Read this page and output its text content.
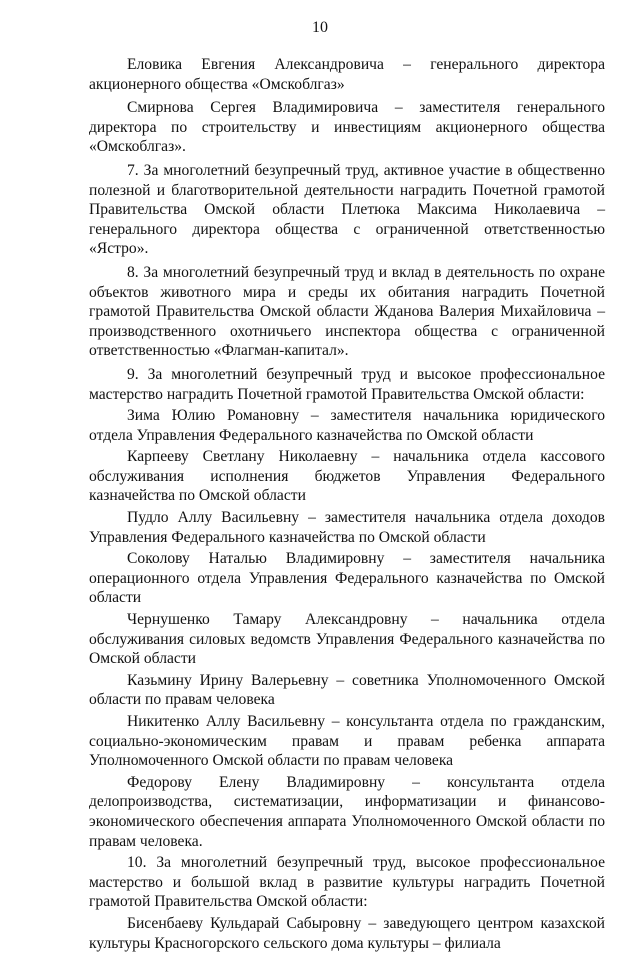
10

Еловика Евгения Александровича – генерального директора акционерного общества «Омскоблгаз»

Смирнова Сергея Владимировича – заместителя генерального директора по строительству и инвестициям акционерного общества «Омскоблгаз».

7. За многолетний безупречный труд, активное участие в общественно полезной и благотворительной деятельности наградить Почетной грамотой Правительства Омской области Плетюка Максима Николаевича – генерального директора общества с ограниченной ответственностью «Ястро».

8. За многолетний безупречный труд и вклад в деятельность по охране объектов животного мира и среды их обитания наградить Почетной грамотой Правительства Омской области Жданова Валерия Михайловича – производственного охотничьего инспектора общества с ограниченной ответственностью «Флагман-капитал».

9. За многолетний безупречный труд и высокое профессиональное мастерство наградить Почетной грамотой Правительства Омской области:

Зима Юлию Романовну – заместителя начальника юридического отдела Управления Федерального казначейства по Омской области

Карпееву Светлану Николаевну – начальника отдела кассового обслуживания исполнения бюджетов Управления Федерального казначейства по Омской области

Пудло Аллу Васильевну – заместителя начальника отдела доходов Управления Федерального казначейства по Омской области

Соколову Наталью Владимировну – заместителя начальника операционного отдела Управления Федерального казначейства по Омской области

Чернушенко Тамару Александровну – начальника отдела обслуживания силовых ведомств Управления Федерального казначейства по Омской области

Казьмину Ирину Валерьевну – советника Уполномоченного Омской области по правам человека

Никитенко Аллу Васильевну – консультанта отдела по гражданским, социально-экономическим правам и правам ребенка аппарата Уполномоченного Омской области по правам человека

Федорову Елену Владимировну – консультанта отдела делопроизводства, систематизации, информатизации и финансово-экономического обеспечения аппарата Уполномоченного Омской области по правам человека.

10. За многолетний безупречный труд, высокое профессиональное мастерство и большой вклад в развитие культуры наградить Почетной грамотой Правительства Омской области:

Бисенбаеву Кульдарай Сабыровну – заведующего центром казахской культуры Красногорского сельского дома культуры – филиала
